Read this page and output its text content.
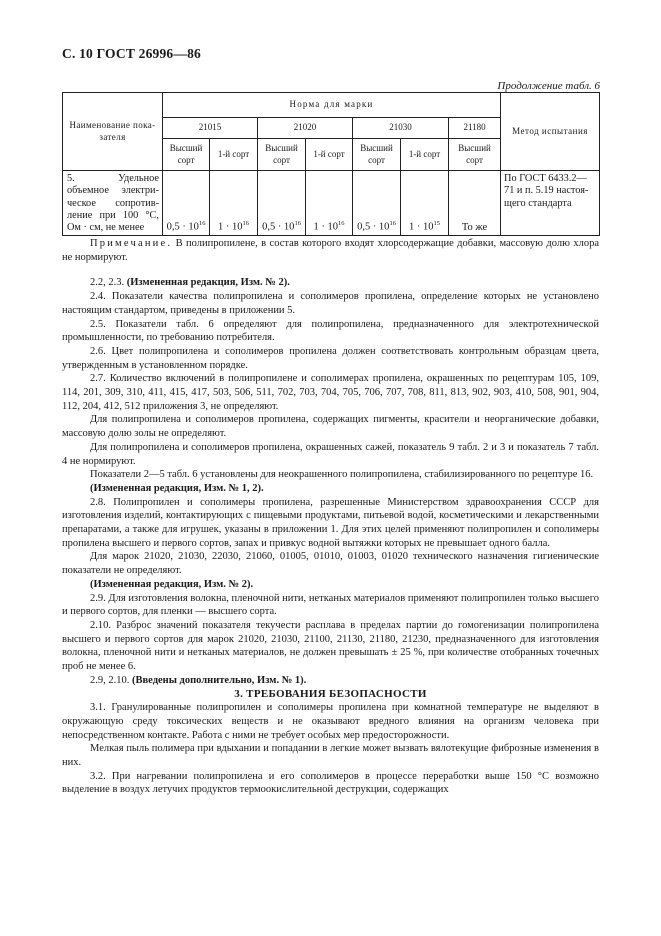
С. 10 ГОСТ 26996—86
Продолжение табл. 6
Наименование пока-зателя	Норма для марки							Метод испытания
	21015		21020		21030		21180	
	Высший сорт	1-й сорт	Высший сорт	1-й сорт	Высший сорт	1-й сорт	Высший сорт	
5. Удельное объемное электри-ческое сопротив-ление при 100 °С, Ом · см, не менее	$0,5 \cdot 10^{16}$	$1 \cdot 10^{16}$	$0,5 \cdot 10^{16}$	$1 \cdot 10^{16}$	$0,5 \cdot 10^{16}$	$1 \cdot 10^{15}$	То же	По ГОСТ 6433.2—71 и п. 5.19 настоя-щего стандарта

Примечание. В полипропилене, в состав которого входят хлорсодержащие добавки, массовую долю хлора не нормируют.

2.2, 2.3. (Измененная редакция, Изм. № 2).

2.4. Показатели качества полипропилена и сополимеров пропилена, определение которых не установлено настоящим стандартом, приведены в приложении 5.

2.5. Показатели табл. 6 определяют для полипропилена, предназначенного для электротехнической промышленности, по требованию потребителя.

2.6. Цвет полипропилена и сополимеров пропилена должен соответствовать контрольным образцам цвета, утвержденным в установленном порядке.

2.7. Количество включений в полипропилене и сополимерах пропилена, окрашенных по рецептурам 105, 109, 114, 201, 309, 310, 411, 415, 417, 503, 506, 511, 702, 703, 704, 705, 706, 707, 708, 811, 813, 902, 903, 410, 508, 901, 904, 112, 204, 412, 512 приложения 3, не определяют.

Для полипропилена и сополимеров пропилена, содержащих пигменты, красители и неорганические добавки, массовую долю золы не определяют.

Для полипропилена и сополимеров пропилена, окрашенных сажей, показатель 9 табл. 2 и 3 и показатель 7 табл. 4 не нормируют.

Показатели 2—5 табл. 6 установлены для неокрашенного полипропилена, стабилизированного по рецептуре 16.

(Измененная редакция, Изм. № 1, 2).

2.8. Полипропилен и сополимеры пропилена, разрешенные Министерством здравоохранения СССР для изготовления изделий, контактирующих с пищевыми продуктами, питьевой водой, косметическими и лекарственными препаратами, а также для игрушек, указаны в приложении 1. Для этих целей применяют полипропилен и сополимеры пропилена высшего и первого сортов, запах и привкус водной вытяжки которых не превышает одного балла.

Для марок 21020, 21030, 22030, 21060, 01005, 01010, 01003, 01020 технического назначения гигиенические показатели не определяют.

(Измененная редакция, Изм. № 2).

2.9. Для изготовления волокна, пленочной нити, нетканых материалов применяют полипропилен только высшего и первого сортов, для пленки — высшего сорта.

2.10. Разброс значений показателя текучести расплава в пределах партии до гомогенизации полипропилена высшего и первого сортов для марок 21020, 21030, 21100, 21130, 21180, 21230, предназначенного для изготовления волокна, пленочной нити и нетканых материалов, не должен превышать ± 25 %, при количестве отобранных точечных проб не менее 6.

2.9, 2.10. (Введены дополнительно, Изм. № 1).

3. ТРЕБОВАНИЯ БЕЗОПАСНОСТИ

3.1. Гранулированные полипропилен и сополимеры пропилена при комнатной температуре не выделяют в окружающую среду токсических веществ и не оказывают вредного влияния на организм человека при непосредственном контакте. Работа с ними не требует особых мер предосторожности.

Мелкая пыль полимера при вдыхании и попадании в легкие может вызвать вялотекущие фиброзные изменения в них.

3.2. При нагревании полипропилена и его сополимеров в процессе переработки выше 150 °С возможно выделение в воздух летучих продуктов термоокислительной деструкции, содержащих
